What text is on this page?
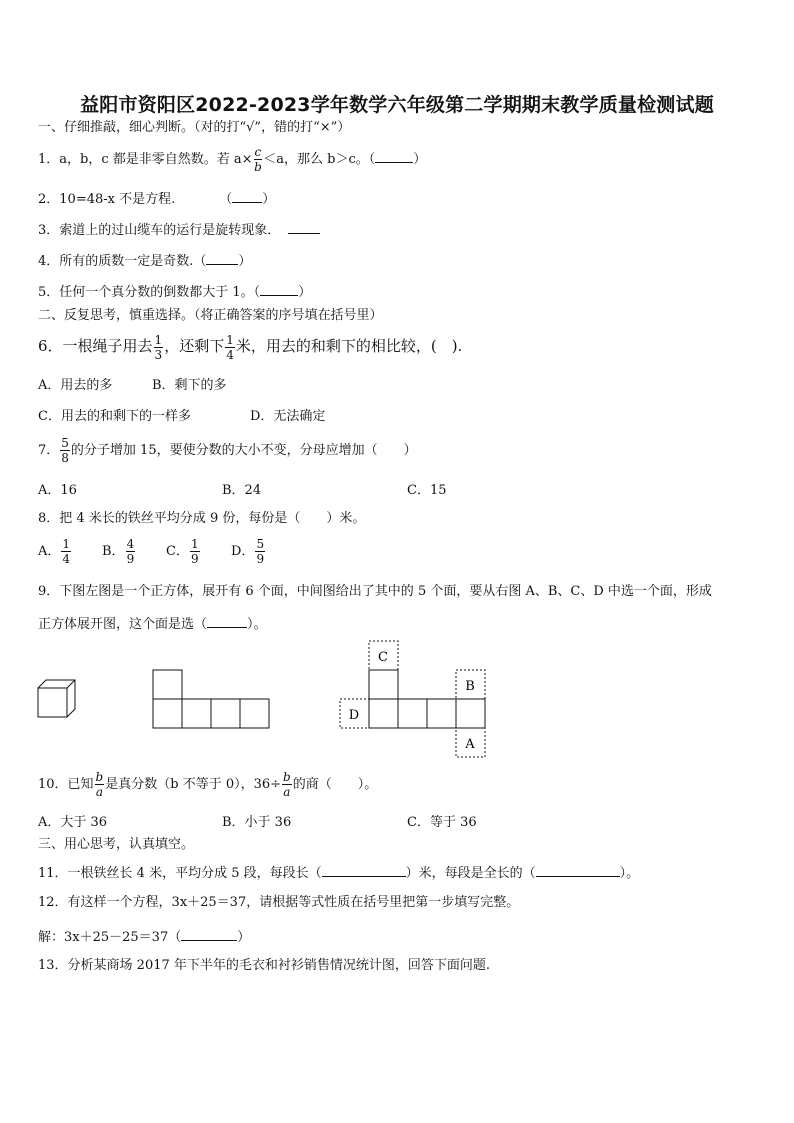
益阳市资阳区2022-2023学年数学六年级第二学期期末教学质量检测试题
一、仔细推敲，细心判断。（对的打“√”，错的打“×”）
1．a，b，c 都是非零自然数。若 $a\times \frac{c}{b} <a$，那么 b＞c。（	）
2．10=48-x 不是方程.	（ ）
3．索道上的过山缆车的运行是旋转现象．
4．所有的质数一定是奇数.（ ）
5．任何一个真分数的倒数都大于 1。（	）
二、反复思考，慎重选择。（将正确答案的序号填在括号里）
6．一根绳子用去 $\frac{1}{3}$ ，还剩下 $\frac{1}{4}$ 米，用去的和剩下的相比较，(　).
A．用去的多	B．剩下的多
C．用去的和剩下的一样多	D．无法确定
7． $\frac{5}{8}$ 的分子增加 15，要使分数的大小不变，分母应增加（　　）
A．16	B．24	C．15
8．把 4 米长的铁丝平均分成 9 份，每份是（　　）米。
A． $\frac{1}{4}$ B． $\frac{4}{9}$ C． $\frac{1}{9}$ D． $\frac{5}{9}$
9．下图左图是一个正方体，展开有 6 个面，中间图给出了其中的 5 个面，要从右图 A、B、C、D 中选一个面，形成
正方体展开图，这个面是选（	）。
C
B
D
A
10．已知 $\frac{b}{a}$ 是真分数（b 不等于 0），$36\div \frac{b}{a}$ 的商（　　）。
A．大于 36	B．小于 36	C．等于 36
三、用心思考，认真填空。
11．一根铁丝长 4 米，平均分成 5 段，每段长（	）米，每段是全长的（	）。
12．有这样一个方程，3x＋25＝37，请根据等式性质在括号里把第一步填写完整。
解：3x＋25－25＝37（	）
13．分析某商场 2017 年下半年的毛衣和衬衫销售情况统计图，回答下面问题.
